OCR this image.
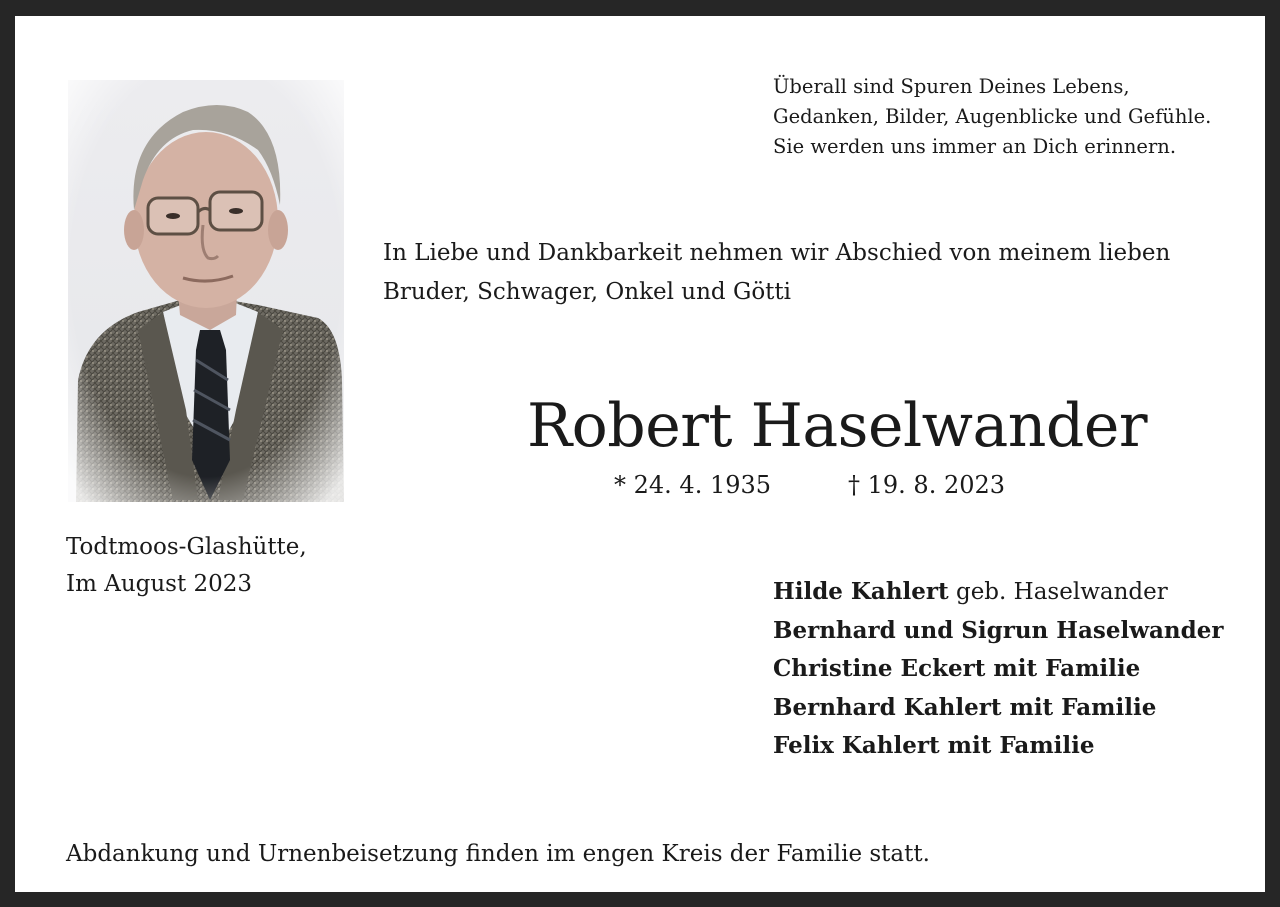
Überall sind Spuren Deines Lebens,
Gedanken, Bilder, Augenblicke und Gefühle.
Sie werden uns immer an Dich erinnern.
In Liebe und Dankbarkeit nehmen wir Abschied von meinem lieben
Bruder, Schwager, Onkel und Götti
Robert Haselwander
* 24. 4. 1935	† 19. 8. 2023
Todtmoos-Glashütte,
Im August 2023	Hilde Kahlert geb. Haselwander
Bernhard und Sigrun Haselwander
Christine Eckert mit Familie
Bernhard Kahlert mit Familie
Felix Kahlert mit Familie
Abdankung und Urnenbeisetzung finden im engen Kreis der Familie statt.
